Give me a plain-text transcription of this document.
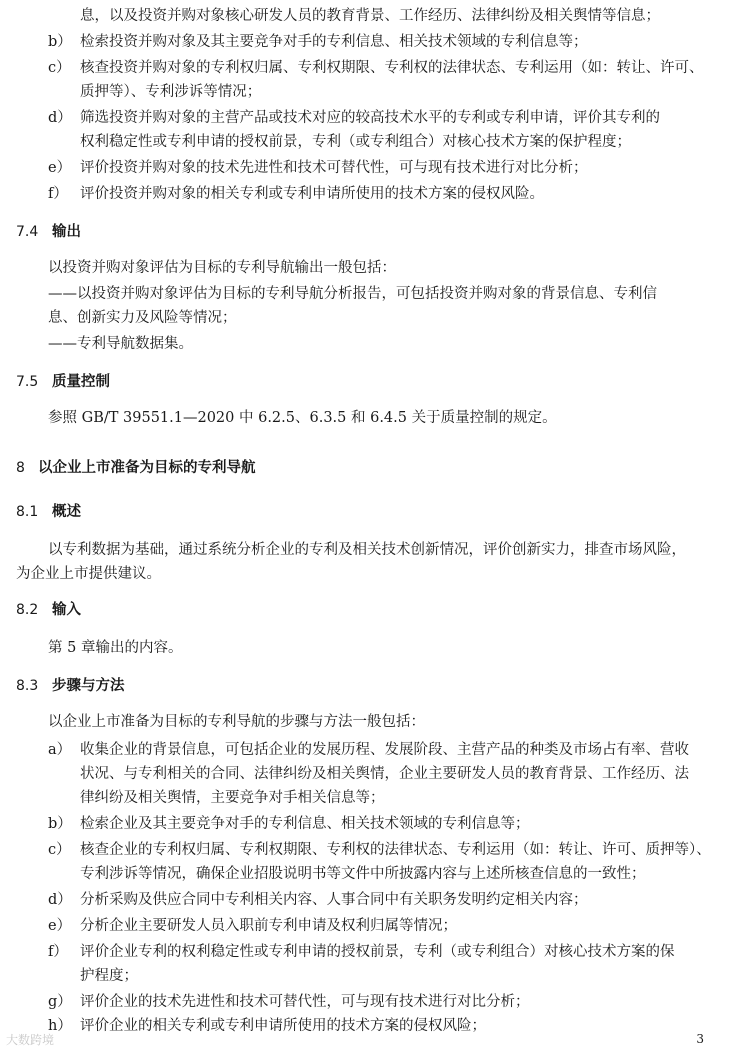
息，以及投资并购对象核心研发人员的教育背景、工作经历、法律纠纷及相关舆情等信息；
b） 检索投资并购对象及其主要竞争对手的专利信息、相关技术领域的专利信息等；
c） 核查投资并购对象的专利权归属、专利权期限、专利权的法律状态、专利运用（如：转让、许可、
质押等）、专利涉诉等情况；
d） 筛选投资并购对象的主营产品或技术对应的较高技术水平的专利或专利申请，评价其专利的
权利稳定性或专利申请的授权前景，专利（或专利组合）对核心技术方案的保护程度；
e） 评价投资并购对象的技术先进性和技术可替代性，可与现有技术进行对比分析；
f） 评价投资并购对象的相关专利或专利申请所使用的技术方案的侵权风险。
7.4 输出
以投资并购对象评估为目标的专利导航输出一般包括：
——以投资并购对象评估为目标的专利导航分析报告，可包括投资并购对象的背景信息、专利信
息、创新实力及风险等情况；
——专利导航数据集。
7.5 质量控制
参照 GB/T 39551.1—2020 中 6.2.5、6.3.5 和 6.4.5 关于质量控制的规定。
8 以企业上市准备为目标的专利导航
8.1 概述
以专利数据为基础，通过系统分析企业的专利及相关技术创新情况，评价创新实力，排查市场风险，
为企业上市提供建议。
8.2 输入
第 5 章输出的内容。
8.3 步骤与方法
以企业上市准备为目标的专利导航的步骤与方法一般包括：
a） 收集企业的背景信息，可包括企业的发展历程、发展阶段、主营产品的种类及市场占有率、营收
状况、与专利相关的合同、法律纠纷及相关舆情，企业主要研发人员的教育背景、工作经历、法
律纠纷及相关舆情，主要竞争对手相关信息等；
b） 检索企业及其主要竞争对手的专利信息、相关技术领域的专利信息等；
c） 核查企业的专利权归属、专利权期限、专利权的法律状态、专利运用（如：转让、许可、质押等）、
专利涉诉等情况，确保企业招股说明书等文件中所披露内容与上述所核查信息的一致性；
d） 分析采购及供应合同中专利相关内容、人事合同中有关职务发明约定相关内容；
e） 分析企业主要研发人员入职前专利申请及权利归属等情况；
f） 评价企业专利的权利稳定性或专利申请的授权前景，专利（或专利组合）对核心技术方案的保
护程度；
g） 评价企业的技术先进性和技术可替代性，可与现有技术进行对比分析；
h） 评价企业的相关专利或专利申请所使用的技术方案的侵权风险；
大数跨境	3
